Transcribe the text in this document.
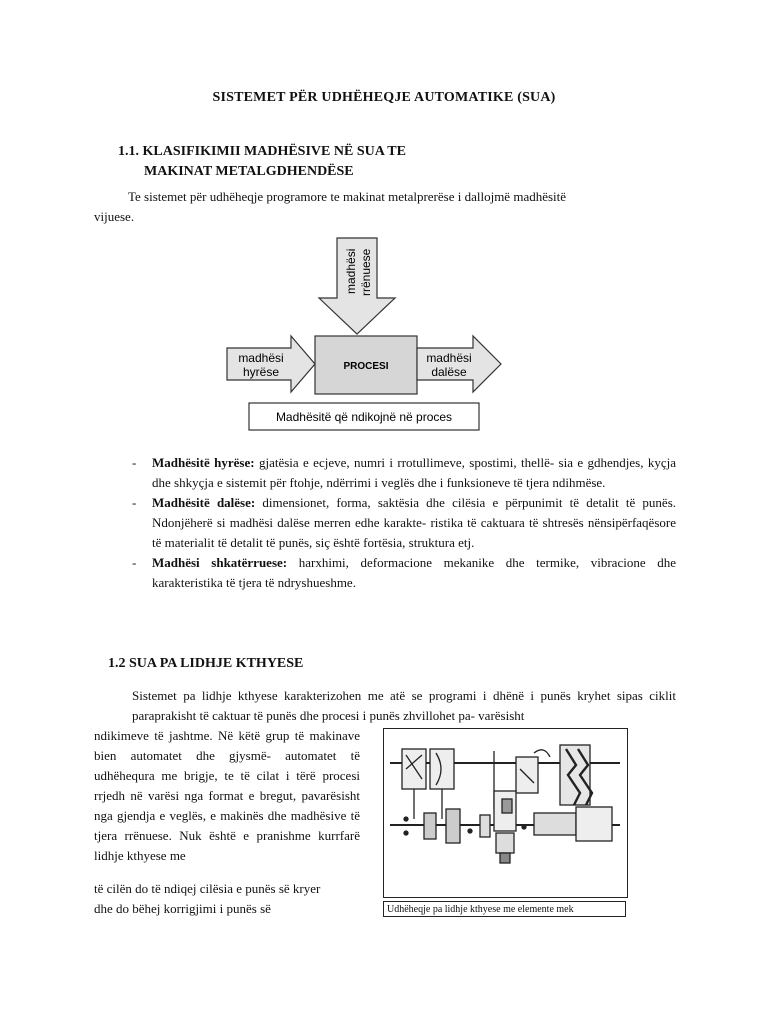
SISTEMET PËR UDHËHEQJE AUTOMATIKE (SUA)
1.1. KLASIFIKIMII MADHËSIVE NË SUA TE
MAKINAT METALGDHENDËSE
Te sistemet për udhëheqje programore te makinat metalprerëse i dallojmë madhësitë
vijuese.
madhësi rrënuese
madhësi
hyrëse	PROCESI
madhësi
dalëse
Madhësitë që ndikojnë në proces
- Madhësitë hyrëse: gjatësia e ecjeve, numri i rrotullimeve, spostimi, thellë- sia e gdhendjes, kyçja dhe shkyçja e sistemit për ftohje, ndërrimi i veglës dhe i funksioneve të tjera ndihmëse.
- Madhësitë dalëse: dimensionet, forma, saktësia dhe cilësia e përpunimit të detalit të punës. Ndonjëherë si madhësi dalëse merren edhe karakte- ristika të caktuara të shtresës nënsipërfaqësore të materialit të detalit të punës, siç është fortësia, struktura etj.
- Madhësi shkatërruese: harxhimi, deformacione mekanike dhe termike, vibracione dhe karakteristika të tjera të ndryshueshme.
1.2 SUA PA LIDHJE KTHYESE
Sistemet pa lidhje kthyese karakterizohen me atë se programi i dhënë i punës kryhet sipas ciklit paraprakisht të caktuar të punës dhe procesi i punës zhvillohet pa- varësisht
ndikimeve të jashtme. Në këtë grup të makinave bien automatet dhe gjysmë- automatet të udhëhequra me brigje, te të cilat i tërë procesi rrjedh në varësi nga format e bregut, pavarësisht nga gjendja e veglës, e makinës dhe madhësive të tjera rrënuese. Nuk është e pranishme kurrfarë lidhje kthyese me
të cilën do të ndiqej cilësia e punës së kryer
dhe do bëhej korrigjimi i punës së	Udhëheqje pa lidhje kthyese me elemente mek
